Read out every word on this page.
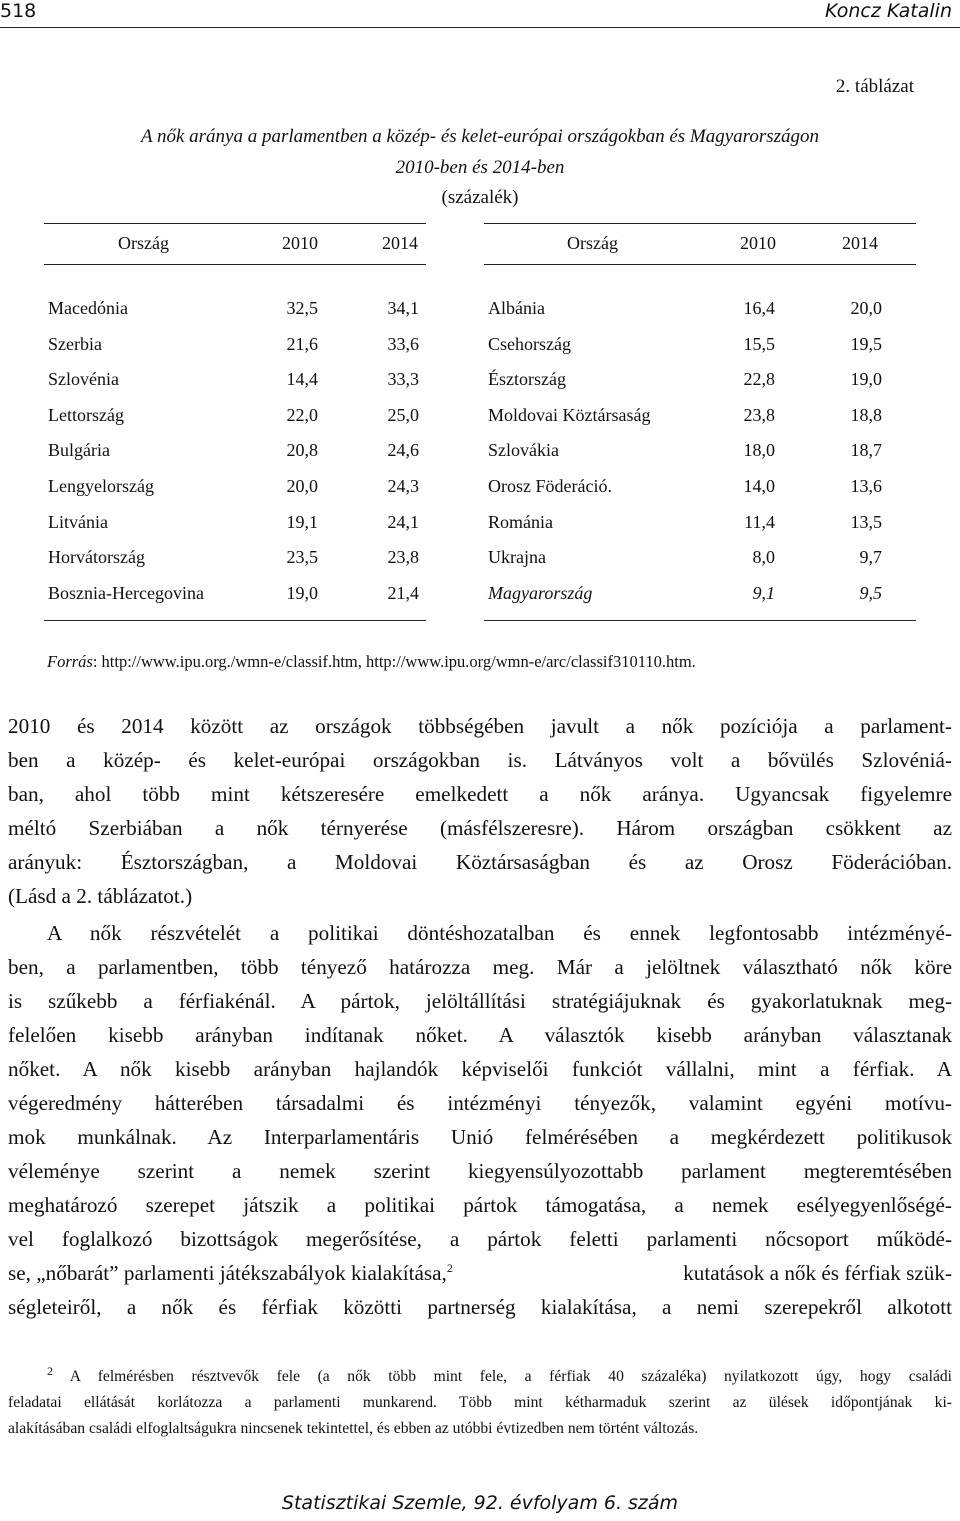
518	Koncz Katalin
2. táblázat
A nők aránya a parlamentben a közép- és kelet-európai országokban és Magyarországon
2010-ben és 2014-ben
(százalék)
Ország	2010	2014	Ország	2010	2014
Macedónia	32,5	34,1
Szerbia	21,6	33,6
Szlovénia	14,4	33,3
Lettország	22,0	25,0
Bulgária	20,8	24,6
Lengyelország	20,0	24,3
Litvánia	19,1	24,1
Horvátország	23,5	23,8
Bosznia-Hercegovina	19,0	21,4
Albánia	16,4	20,0
Csehország	15,5	19,5
Észtország	22,8	19,0
Moldovai Köztársaság	23,8	18,8
Szlovákia	18,0	18,7
Orosz Föderáció.	14,0	13,6
Románia	11,4	13,5
Ukrajna	8,0	9,7
Magyarország	9,1	9,5
Forrás: http://www.ipu.org./wmn-e/classif.htm, http://www.ipu.org/wmn-e/arc/classif310110.htm.
2010 és 2014 között az országok többségében javult a nők pozíciója a parlament-
ben a közép- és kelet-európai országokban is. Látványos volt a bővülés Szlovéniá-
ban, ahol több mint kétszeresére emelkedett a nők aránya. Ugyancsak figyelemre
méltó Szerbiában a nők térnyerése (másfélszeresre). Három országban csökkent az
arányuk: Észtországban, a Moldovai Köztársaságban és az Orosz Föderációban.
(Lásd a 2. táblázatot.)
A nők részvételét a politikai döntéshozatalban és ennek legfontosabb intézményé-
ben, a parlamentben, több tényező határozza meg. Már a jelöltnek választható nők köre
is szűkebb a férfiakénál. A pártok, jelöltállítási stratégiájuknak és gyakorlatuknak meg-
felelően kisebb arányban indítanak nőket. A választók kisebb arányban választanak
nőket. A nők kisebb arányban hajlandók képviselői funkciót vállalni, mint a férfiak. A
végeredmény hátterében társadalmi és intézményi tényezők, valamint egyéni motívu-
mok munkálnak. Az Interparlamentáris Unió felmérésében a megkérdezett politikusok
véleménye szerint a nemek szerint kiegyensúlyozottabb parlament megteremtésében
meghatározó szerepet játszik a politikai pártok támogatása, a nemek esélyegyenlőségé-
vel foglalkozó bizottságok megerősítése, a pártok feletti parlamenti nőcsoport működé-
se, „nőbarát” parlamenti játékszabályok kialakítása,$^2$	kutatások a nők és férfiak szük-
ségleteiről, a nők és férfiak közötti partnerség kialakítása, a nemi szerepekről alkotott
$^2$ A felmérésben résztvevők fele (a nők több mint fele, a férfiak 40 százaléka) nyilatkozott úgy, hogy családi
feladatai ellátását korlátozza a parlamenti munkarend. Több mint kétharmaduk szerint az ülések időpontjának ki-
alakításában családi elfoglaltságukra nincsenek tekintettel, és ebben az utóbbi évtizedben nem történt változás.
Statisztikai Szemle, 92. évfolyam 6. szám
